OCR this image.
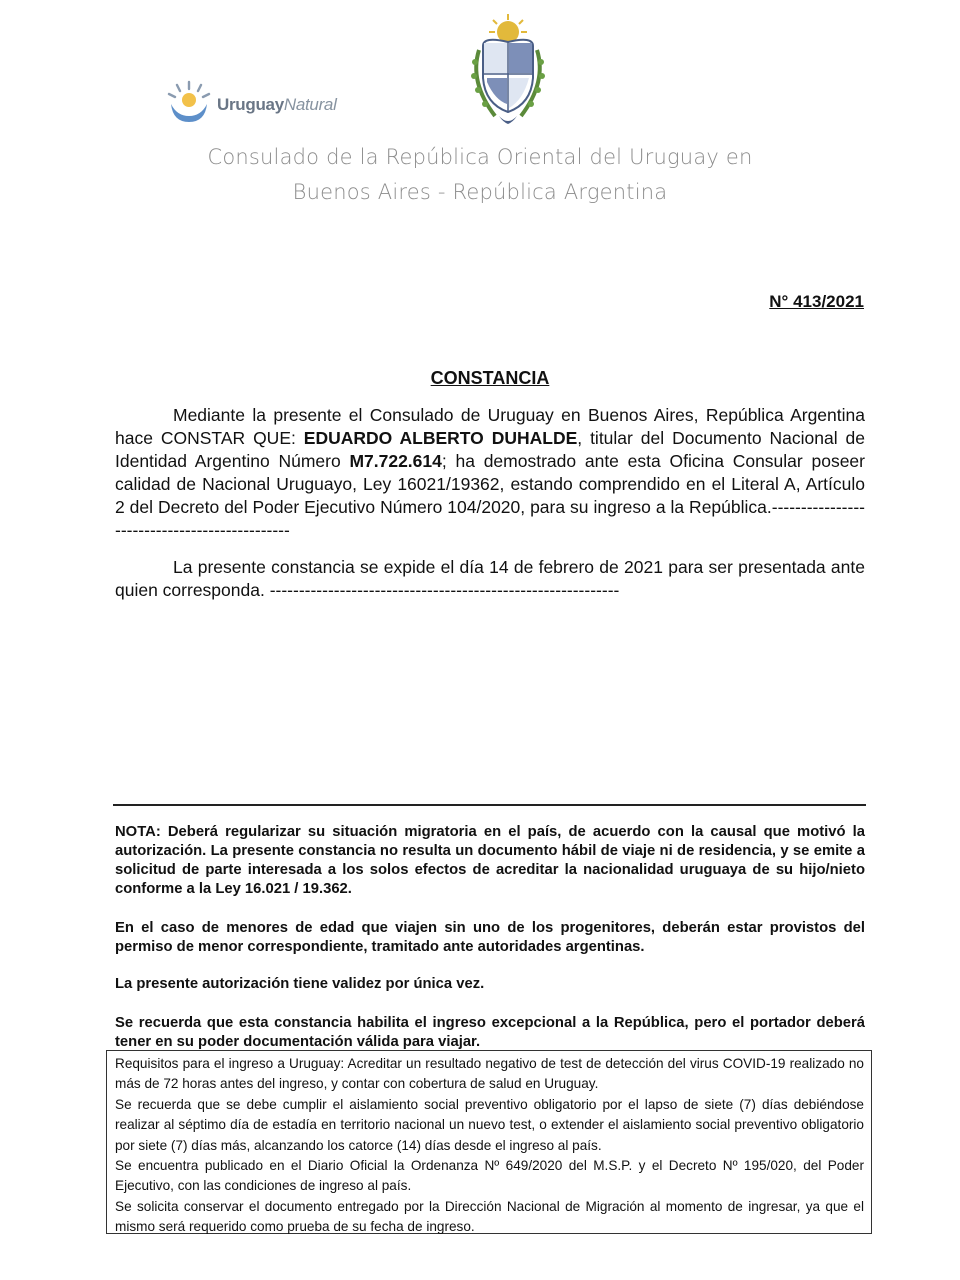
UruguayNatural
Consulado de la República Oriental del Uruguay en
Buenos Aires - República Argentina
N° 413/2021
CONSTANCIA
Mediante la presente el Consulado de Uruguay en Buenos Aires, República Argentina hace CONSTAR QUE: EDUARDO ALBERTO DUHALDE, titular del Documento Nacional de Identidad Argentino Número M7.722.614; ha demostrado ante esta Oficina Consular poseer calidad de Nacional Uruguayo, Ley 16021/19362, estando comprendido en el Literal A, Artículo 2 del Decreto del Poder Ejecutivo Número 104/2020, para su ingreso a la República.----------------------------------------------
La presente constancia se expide el día 14 de febrero de 2021 para ser presentada ante quien corresponda. ------------------------------------------------------------
NOTA: Deberá regularizar su situación migratoria en el país, de acuerdo con la causal que motivó la autorización. La presente constancia no resulta un documento hábil de viaje ni de residencia, y se emite a solicitud de parte interesada a los solos efectos de acreditar la nacionalidad uruguaya de su hijo/nieto conforme a la Ley 16.021 / 19.362.
En el caso de menores de edad que viajen sin uno de los progenitores, deberán estar provistos del permiso de menor correspondiente, tramitado ante autoridades argentinas.
La presente autorización tiene validez por única vez.
Se recuerda que esta constancia habilita el ingreso excepcional a la República, pero el portador deberá tener en su poder documentación válida para viajar.

Requisitos para el ingreso a Uruguay: Acreditar un resultado negativo de test de detección del virus COVID-19 realizado no más de 72 horas antes del ingreso, y contar con cobertura de salud en Uruguay.

Se recuerda que se debe cumplir el aislamiento social preventivo obligatorio por el lapso de siete (7) días debiéndose realizar al séptimo día de estadía en territorio nacional un nuevo test, o extender el aislamiento social preventivo obligatorio por siete (7) días más, alcanzando los catorce (14) días desde el ingreso al país.

Se encuentra publicado en el Diario Oficial la Ordenanza Nº 649/2020 del M.S.P. y el Decreto Nº 195/020, del Poder Ejecutivo, con las condiciones de ingreso al país.

Se solicita conservar el documento entregado por la Dirección Nacional de Migración al momento de ingresar, ya que el mismo será requerido como prueba de su fecha de ingreso.
